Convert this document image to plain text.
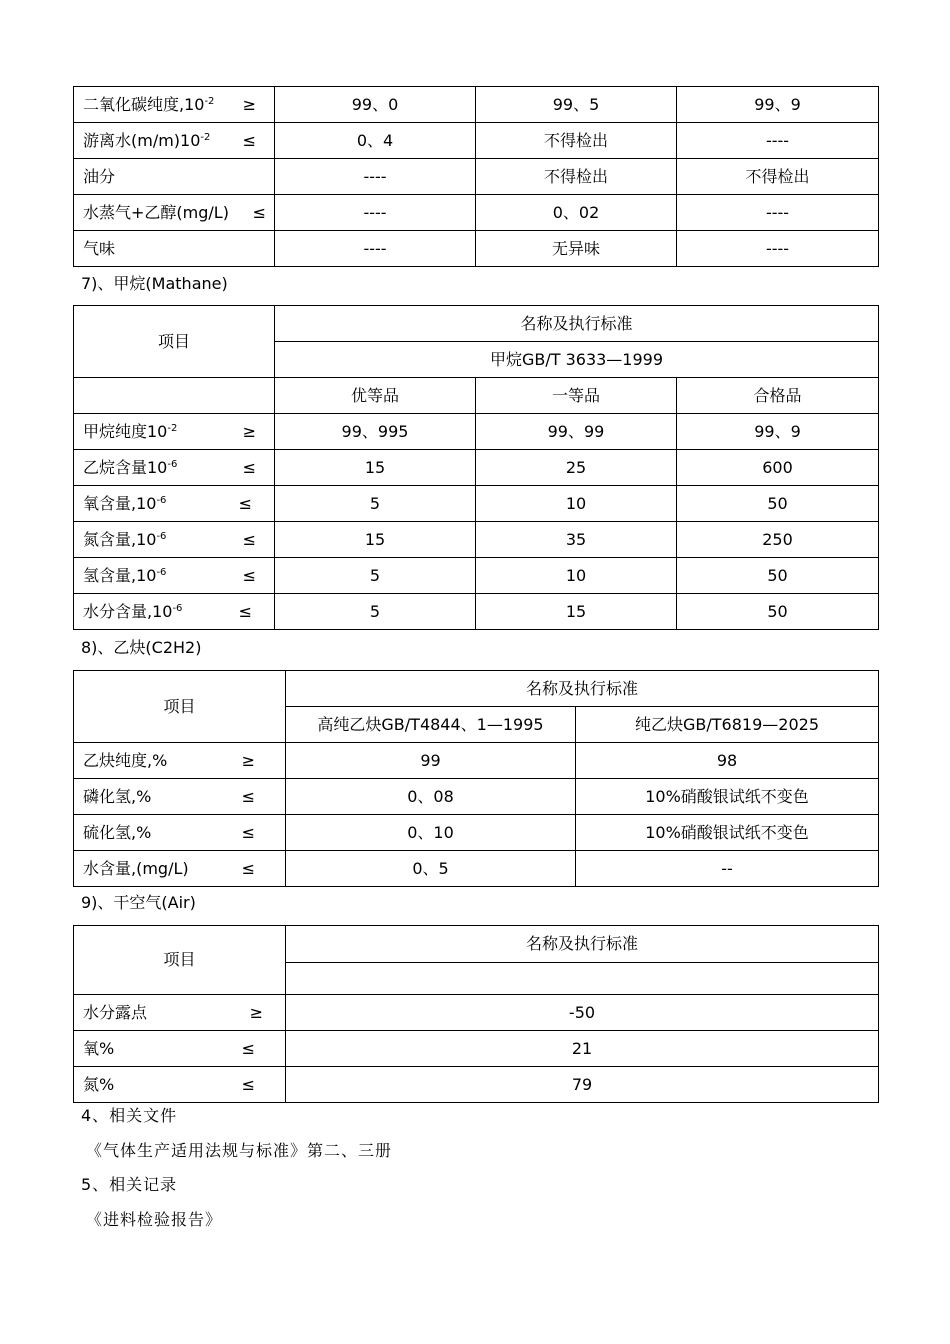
二氧化碳纯度$,10^{-2}$ ≥	99、0	99、5	99、9

游离水$(m/m)10^{-2}$ ≤	0、4	不得检出	----

油分	----	不得检出	不得检出

水蒸气+乙醇(mg/L) ≤	----	0、02	----

气味	----	无异味	----
7)、甲烷(Mathane)
项目	名称及执行标准		
	甲烷GB/T 3633—1999		
	优等品	一等品	合格品

甲烷纯度$10^{-2}$ ≥	99、995	99、99	99、9

乙烷含量$10^{-6}$ ≤	15	25	600

氧含量$,10^{-6}$ ≤	5	10	50

氮含量$,10^{-6}$ ≤	15	35	250

氢含量$,10^{-6}$ ≤	5	10	50

水分含量$,10^{-6}$ ≤	5	15	50
8)、乙炔(C2H2)
项目	名称及执行标准	
	高纯乙炔GB/T4844、1—1995	纯乙炔GB/T6819—2025

乙炔纯度,% ≥	99	98

磷化氢,% ≤	0、08	10%硝酸银试纸不变色

硫化氢,% ≤	0、10	10%硝酸银试纸不变色

水含量,(mg/L) ≤	0、5	--
9)、干空气(Air)
项目	名称及执行标准

水分露点 ≥	-50

氧% ≤	21

氮% ≤	79
4、相关文件
《气体生产适用法规与标准》第二、三册
5、相关记录
《进料检验报告》
